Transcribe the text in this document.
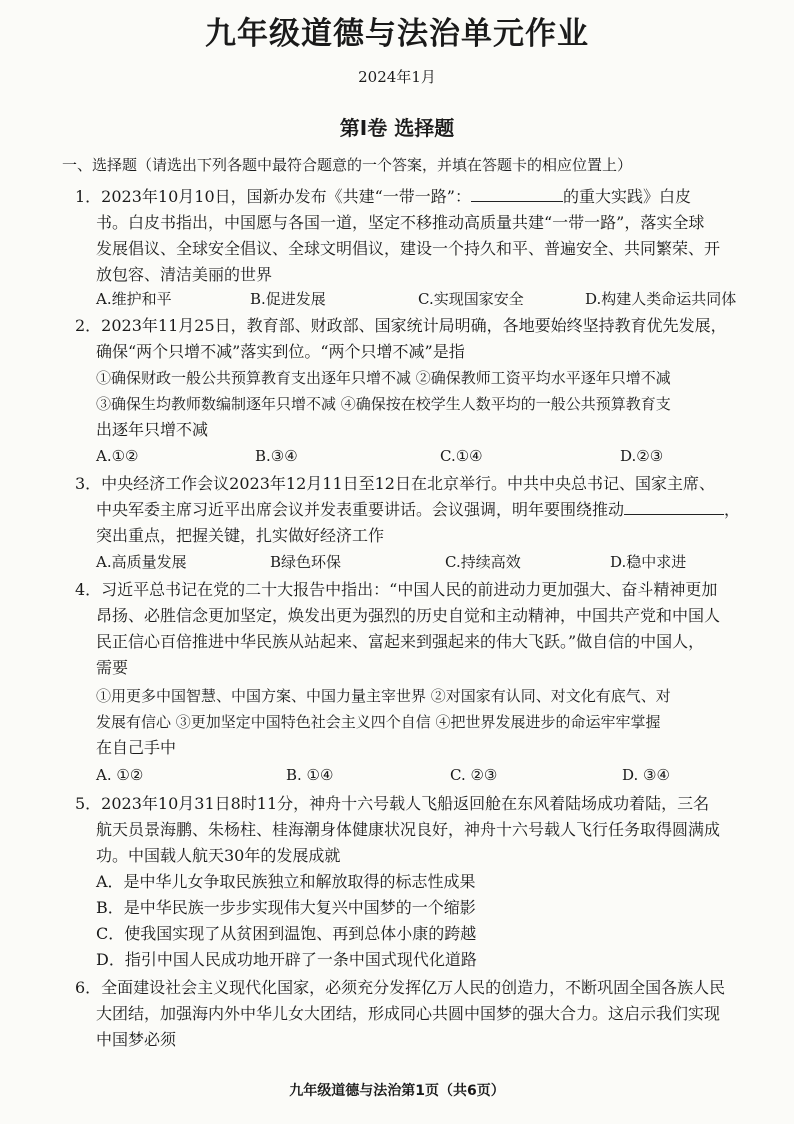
九年级道德与法治单元作业
2024年1月
第Ⅰ卷 选择题
一、选择题（请选出下列各题中最符合题意的一个答案，并填在答题卡的相应位置上）
1．2023年10月10日，国新办发布《共建“一带一路”：	的重大实践》白皮
书。白皮书指出，中国愿与各国一道，坚定不移推动高质量共建“一带一路”，落实全球
发展倡议、全球安全倡议、全球文明倡议，建设一个持久和平、普遍安全、共同繁荣、开
放包容、清洁美丽的世界
A.维护和平	B.促进发展	C.实现国家安全	D.构建人类命运共同体
2．2023年11月25日，教育部、财政部、国家统计局明确，各地要始终坚持教育优先发展，
确保“两个只增不减”落实到位。“两个只增不减”是指
①确保财政一般公共预算教育支出逐年只增不减 ②确保教师工资平均水平逐年只增不减
③确保生均教师数编制逐年只增不减 ④确保按在校学生人数平均的一般公共预算教育支
出逐年只增不减
A.①②	B.③④	C.①④	D.②③
3．中央经济工作会议2023年12月11日至12日在北京举行。中共中央总书记、国家主席、
中央军委主席习近平出席会议并发表重要讲话。会议强调，明年要围绕推动	，
突出重点，把握关键，扎实做好经济工作
A.高质量发展	B绿色环保	C.持续高效	D.稳中求进
4．习近平总书记在党的二十大报告中指出：“中国人民的前进动力更加强大、奋斗精神更加
昂扬、必胜信念更加坚定，焕发出更为强烈的历史自觉和主动精神，中国共产党和中国人
民正信心百倍推进中华民族从站起来、富起来到强起来的伟大飞跃。”做自信的中国人，
需要
①用更多中国智慧、中国方案、中国力量主宰世界 ②对国家有认同、对文化有底气、对
发展有信心 ③更加坚定中国特色社会主义四个自信 ④把世界发展进步的命运牢牢掌握
在自己手中
A. ①②	B. ①④	C. ②③	D. ③④
5．2023年10月31日8时11分，神舟十六号载人飞船返回舱在东风着陆场成功着陆，三名
航天员景海鹏、朱杨柱、桂海潮身体健康状况良好，神舟十六号载人飞行任务取得圆满成
功。中国载人航天30年的发展成就
A．是中华儿女争取民族独立和解放取得的标志性成果
B．是中华民族一步步实现伟大复兴中国梦的一个缩影
C．使我国实现了从贫困到温饱、再到总体小康的跨越
D．指引中国人民成功地开辟了一条中国式现代化道路
6．全面建设社会主义现代化国家，必须充分发挥亿万人民的创造力，不断巩固全国各族人民
大团结，加强海内外中华儿女大团结，形成同心共圆中国梦的强大合力。这启示我们实现
中国梦必须
九年级道德与法治第1页（共6页）
